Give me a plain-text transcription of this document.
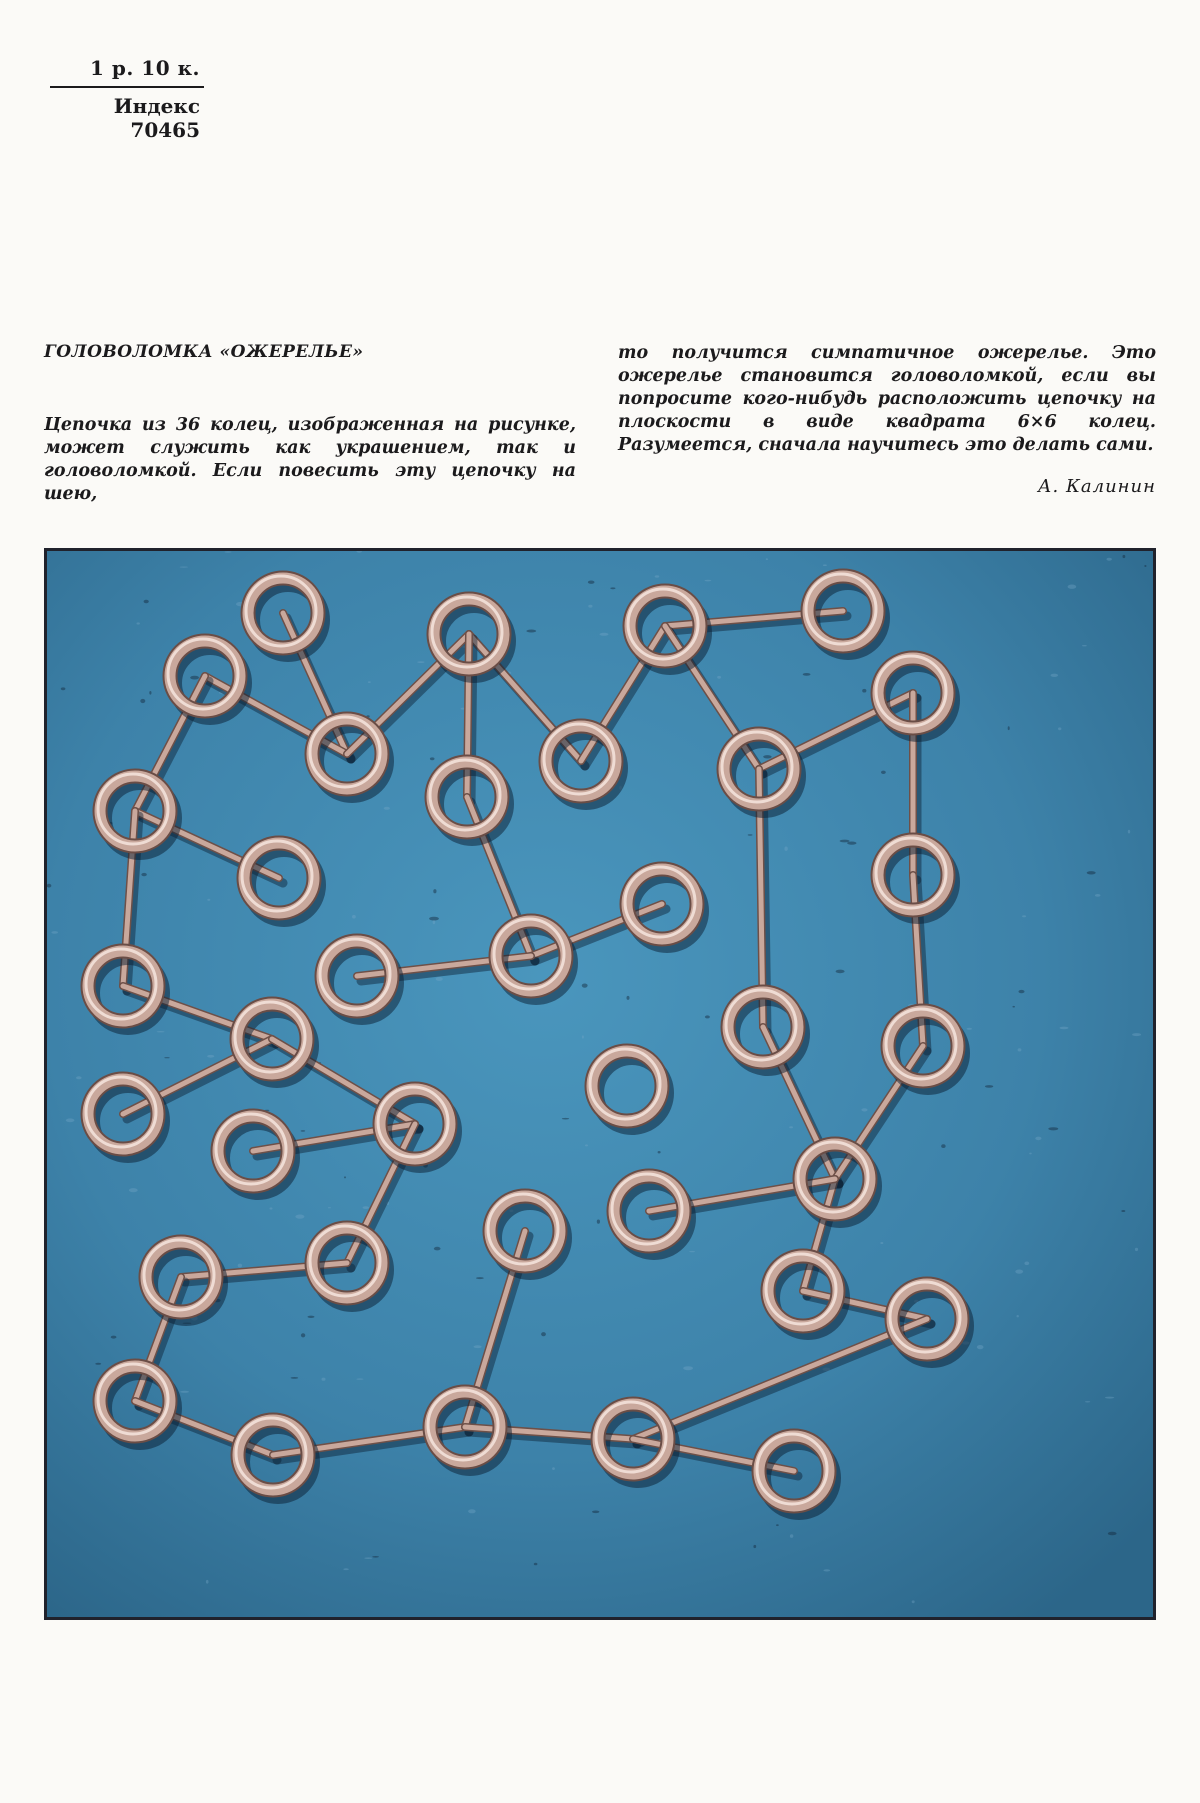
1 р. 10 к.
Индекс 70465
ГОЛОВОЛОМКА «ОЖЕРЕЛЬЕ»

Цепочка из 36 колец, изображенная на рисунке, может служить как украшением, так и головоломкой. Если повесить эту цепочку на шею,

то получится симпатичное ожерелье. Это ожерелье становится головоломкой, если вы попросите кого-нибудь расположить цепочку на плоскости в виде квадрата 6×6 колец. Разумеется, сначала научитесь это делать сами.

А. Калинин
